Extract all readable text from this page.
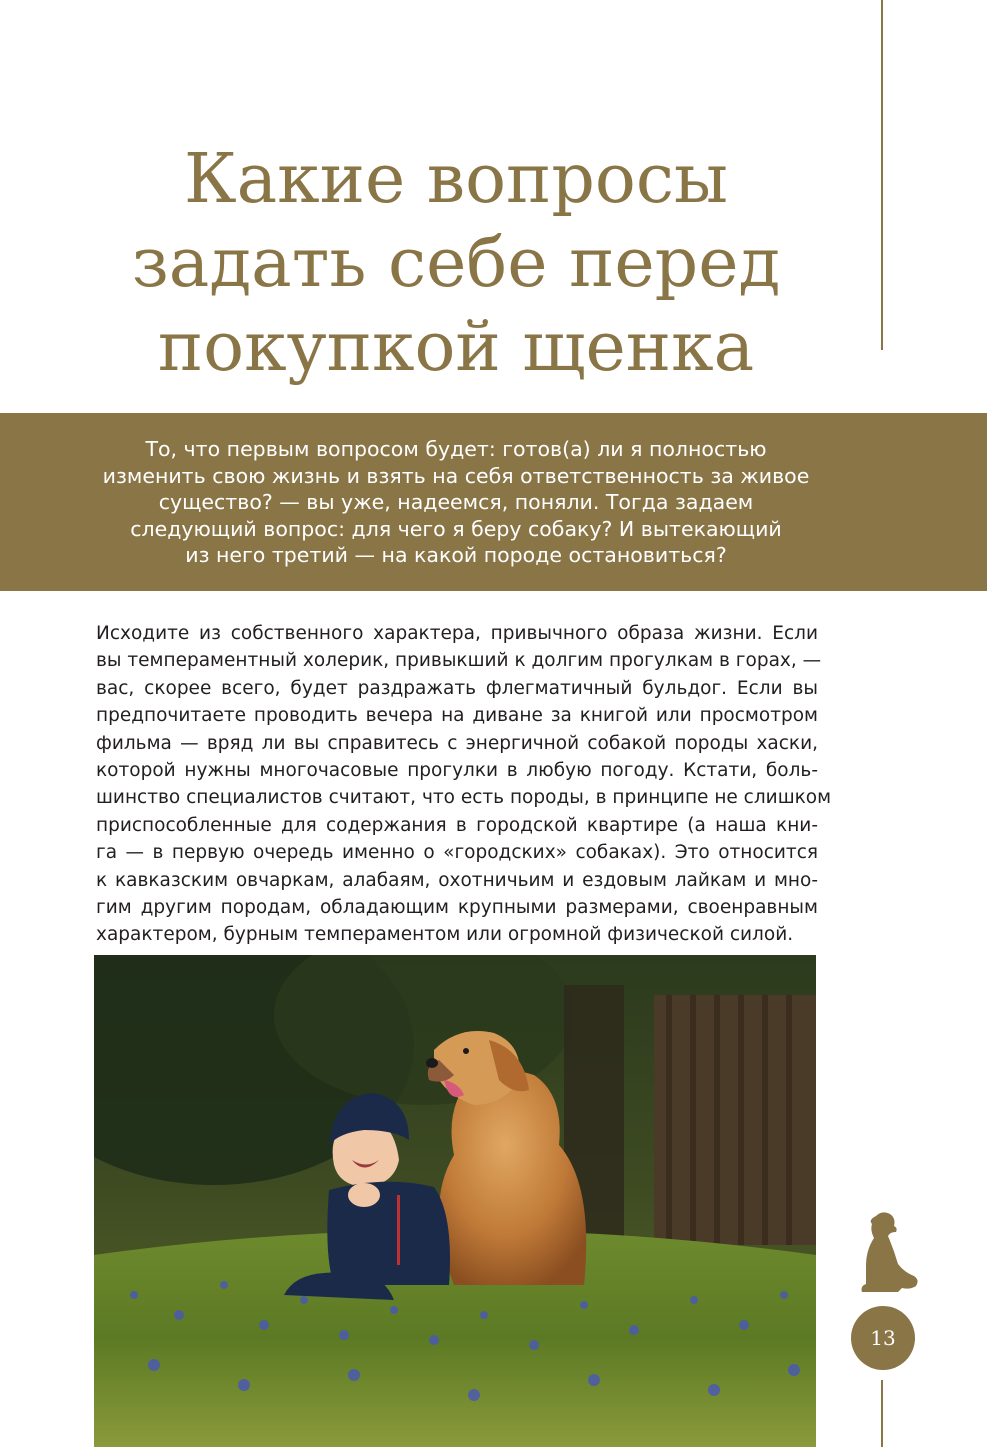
Какие вопросы
задать себе перед
покупкой щенка
То, что первым вопросом будет: готов(а) ли я полностью
изменить свою жизнь и взять на себя ответственность за живое
существо? — вы уже, надеемся, поняли. Тогда задаем
следующий вопрос: для чего я беру собаку? И вытекающий
из него третий — на какой породе остановиться?
Исходите из собственного характера, привычного образа жизни. Если
вы темпераментный холерик, привыкший к долгим прогулкам в горах, —
вас, скорее всего, будет раздражать флегматичный бульдог. Если вы
предпочитаете проводить вечера на диване за книгой или просмотром
фильма — вряд ли вы справитесь с энергичной собакой породы хаски,
которой нужны многочасовые прогулки в любую погоду. Кстати, боль-
шинство специалистов считают, что есть породы, в принципе не слишком
приспособленные для содержания в городской квартире (а наша кни-
га — в первую очередь именно о «городских» собаках). Это относится
к кавказским овчаркам, алабаям, охотничьим и ездовым лайкам и мно-
гим другим породам, обладающим крупными размерами, своенравным
характером, бурным темпераментом или огромной физической силой.
13
